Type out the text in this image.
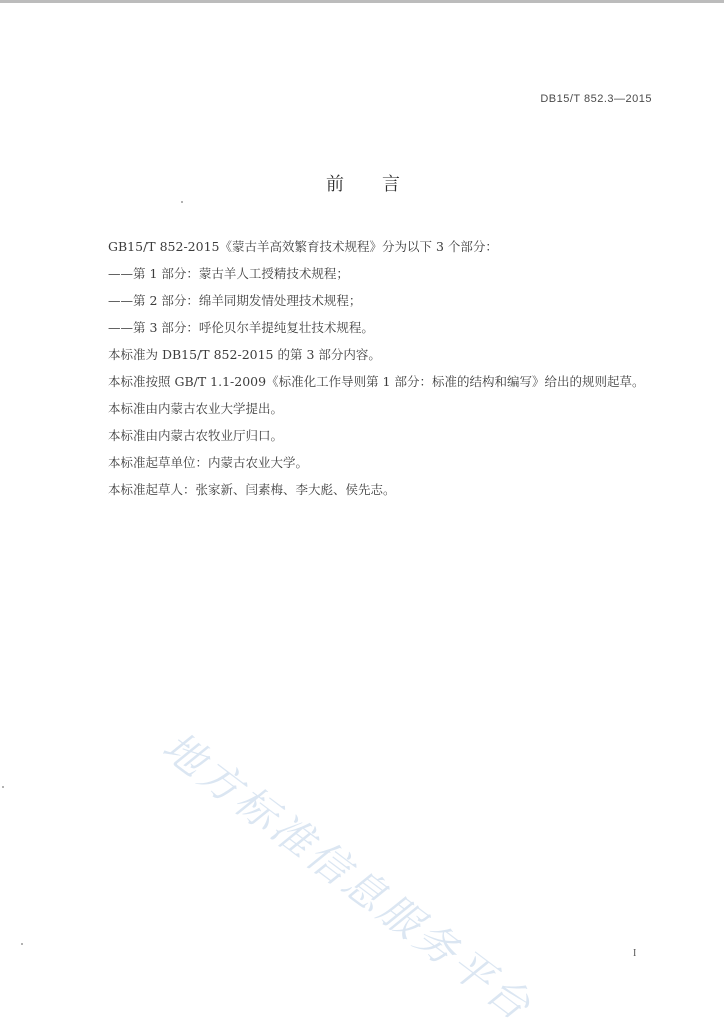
DB15/T 852.3—2015
前言
GB15/T 852-2015《蒙古羊高效繁育技术规程》分为以下 3 个部分：
——第 1 部分：蒙古羊人工授精技术规程；
——第 2 部分：绵羊同期发情处理技术规程；
——第 3 部分：呼伦贝尔羊提纯复壮技术规程。
本标准为 DB15/T 852-2015 的第 3 部分内容。
本标准按照 GB/T 1.1-2009《标准化工作导则第 1 部分：标准的结构和编写》给出的规则起草。
本标准由内蒙古农业大学提出。
本标准由内蒙古农牧业厅归口。
本标准起草单位：内蒙古农业大学。
本标准起草人：张家新、闫素梅、李大彪、侯先志。
地方标准信息服务平台	I
